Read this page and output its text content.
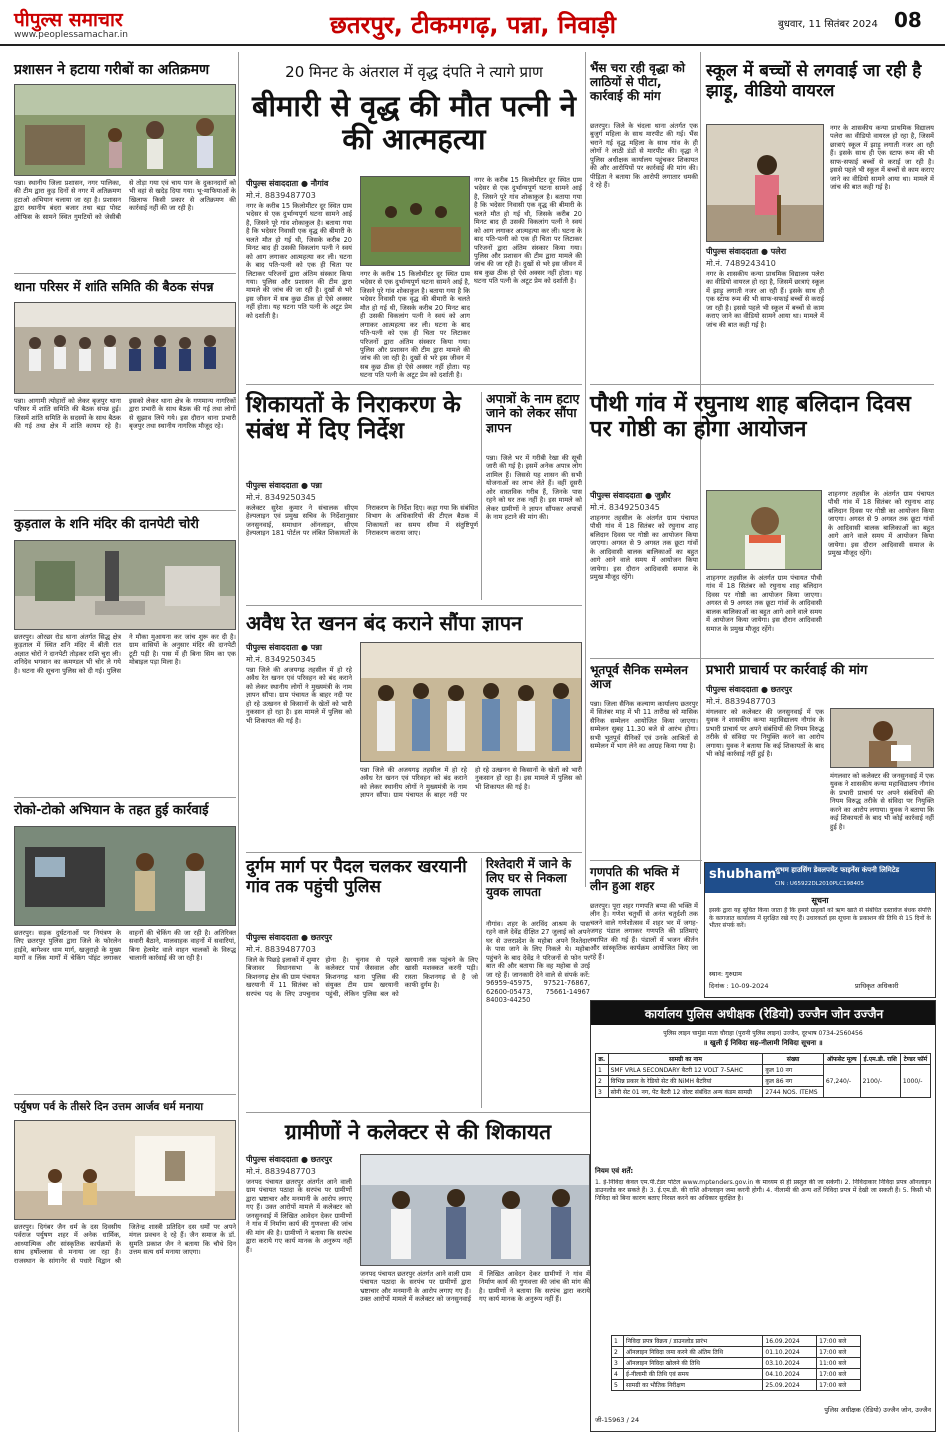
पीपुल्स समाचार
www.peoplessamachar.in	छतरपुर, टीकमगढ़, पन्ना, निवाड़ी	बुधवार, 11 सितंबर 2024 08
प्रशासन ने हटाया गरीबों का अतिक्रमण
पन्ना। स्थानीय जिला प्रशासन, नगर पालिका, की टीम द्वारा कुड़ दिनों से नगर में अतिक्रमण हटाओ अभियान चलाया जा रहा है। प्रशासन द्वारा स्थानीय बंदरा बजार तथा बड़ा पोस्ट ऑफिस के सामने स्थित गुमटियों को जेसीबी से तोड़ा गया एवं चाय पान के दुकानदारों को भी वहां से खदेड़ दिया गया। भू-माफियाओं के खिलाफ किसी प्रकार से अतिक्रमण की कार्रवाई नहीं की जा रही है।
थाना परिसर में शांति समिति की बैठक संपन्न
पन्ना। आगामी त्योहारों को लेकर बृजपुर थाना परिसर में शांति समिति की बैठक संपन्न हुई। जिसमें शांति समिति के सदस्यों के साथ बैठक की गई तथा क्षेत्र में शांति कायम रहे है। इसको लेकर थाना क्षेत्र के गणमान्य नागरिकों द्वारा प्रभारी के साथ बैठक की गई तथा लोगों से सुझाव लिये गये। इस दौरान थाना प्रभारी बृजपुर तथा स्थानीय नागरिक मौजूद रहे।
कुड़ताल के शनि मंदिर की दानपेटी चोरी
छतरपुर। ओरछा रोड थाना अंतर्गत सिद्ध क्षेत्र कुड़ताल में स्थित शनि मंदिर में बीती रात अज्ञात चोरों ने दानपेटी तोड़कर राशि चुरा ली। शनिदेव भगवान का कमण्डल भी चोर ले गये है। घटना की सूचना पुलिस को दी गई। पुलिस ने मौका मुआयना कर जांच शुरू कर दी है। ग्राम वासियों के अनुसार मंदिर की दानपेटी टूटी पड़ी है। पास में ही बिना सिम का एक मोबाइल पड़ा मिला है।
रोको-टोको अभियान के तहत हुई कार्रवाई
छतरपुर। सड़क दुर्घटनाओं पर नियंत्रण के लिए छतरपुर पुलिस द्वारा जिले के फोरलेन हाईवे, बागेश्वर धाम मार्ग, खजुराहो के मुख्य मार्गों व लिंक मार्गों में चेकिंग पॉइंट लगाकर वाहनों की चेकिंग की जा रही है। अतिरिक्त सवारी बैठाने, मालवाहक वाहनों में सवारियां, बिना हेलमेट वाले वाहन चालकों के विरुद्ध चालानी कार्रवाई की जा रही है।
पर्युषण पर्व के तीसरे दिन उत्तम आर्जव धर्म मनाया
छतरपुर। दिगंबर जैन धर्म के दस दिवसीय पर्वराज पर्युषण शहर में अनेक धार्मिक, आध्यात्मिक और सांस्कृतिक कार्यक्रमों के साथ हर्षोल्लास से मनाया जा रहा है। राजस्थान के सांगानेर से पधारे विद्वान श्री जितेन्द्र शास्त्री प्रतिदिन दस धर्मों पर अपने मंगल प्रवचन दे रहे हैं। जैन समाज के डॉ. सुमति प्रकाश जैन ने बताया कि चौथे दिन उत्तम सत्य धर्म मनाया जाएगा।
20 मिनट के अंतराल में वृद्ध दंपति ने त्यागे प्राण
बीमारी से वृद्ध की मौत पत्नी ने की आत्महत्या
पीपुल्स संवाददाता ● नौगांव
मो.नं. 8839487703
नगर के करीब 15 किलोमीटर दूर स्थित ग्राम भदेसर से एक दुर्भाग्यपूर्ण घटना सामने आई है, जिसने पूरे गांव शोकाकुल है। बताया गया है कि भदेसर निवासी एक वृद्ध की बीमारी के चलते मौत हो गई थी, जिसके करीब 20 मिनट बाद ही उसकी विकलांग पत्नी ने स्वयं को आग लगाकर आत्महत्या कर ली। घटना के बाद पति-पत्नी को एक ही चिता पर लिटाकर परिजनों द्वारा अंतिम संस्कार किया गया। पुलिस और प्रशासन की टीम द्वारा मामले की जांच की जा रही है। दुखों से भरे इस जीवन में सब कुछ ठीक हो ऐसे अक्सर नहीं होता। यह घटना पति पत्नी के अटूट प्रेम को दर्शाती है।
नगर के करीब 15 किलोमीटर दूर स्थित ग्राम भदेसर से एक दुर्भाग्यपूर्ण घटना सामने आई है, जिसने पूरे गांव शोकाकुल है। बताया गया है कि भदेसर निवासी एक वृद्ध की बीमारी के चलते मौत हो गई थी, जिसके करीब 20 मिनट बाद ही उसकी विकलांग पत्नी ने स्वयं को आग लगाकर आत्महत्या कर ली। घटना के बाद पति-पत्नी को एक ही चिता पर लिटाकर परिजनों द्वारा अंतिम संस्कार किया गया। पुलिस और प्रशासन की टीम द्वारा मामले की जांच की जा रही है। दुखों से भरे इस जीवन में सब कुछ ठीक हो ऐसे अक्सर नहीं होता। यह घटना पति पत्नी के अटूट प्रेम को दर्शाती है।
नगर के करीब 15 किलोमीटर दूर स्थित ग्राम भदेसर से एक दुर्भाग्यपूर्ण घटना सामने आई है, जिसने पूरे गांव शोकाकुल है। बताया गया है कि भदेसर निवासी एक वृद्ध की बीमारी के चलते मौत हो गई थी, जिसके करीब 20 मिनट बाद ही उसकी विकलांग पत्नी ने स्वयं को आग लगाकर आत्महत्या कर ली। घटना के बाद पति-पत्नी को एक ही चिता पर लिटाकर परिजनों द्वारा अंतिम संस्कार किया गया। पुलिस और प्रशासन की टीम द्वारा मामले की जांच की जा रही है। दुखों से भरे इस जीवन में सब कुछ ठीक हो ऐसे अक्सर नहीं होता। यह घटना पति पत्नी के अटूट प्रेम को दर्शाती है।
शिकायतों के निराकरण के संबंध में दिए निर्देश
पीपुल्स संवाददाता ● पन्ना
मो.नं. 8349250345
कलेक्टर सुरेश कुमार ने संचालक सीएम हेल्पलाइन एवं प्रमुख सचिव के निर्देशानुसार जनसुनवाई, समाधान ऑनलाइन, सीएम हेल्पलाइन 181 पोर्टल पर लंबित शिकायतों के निराकरण के निर्देश दिए। कहा गया कि संबंधित विभाग के अधिकारियों की टीएल बैठक में शिकायतों का समय सीमा में संतुष्टिपूर्ण निराकरण कराया जाए।
अपात्रों के नाम हटाए जाने को लेकर सौंपा ज्ञापन
पन्ना। जिले भर में गरीबी रेखा की सूची जारी की गई है। इसमें अनेक अपात्र लोग शामिल हैं। जिससे यह शासन की सभी योजनाओं का लाभ लेते हैं। वहीं दूसरी ओर वास्तविक गरीब हैं, जिनके पास रहने को घर तक नहीं है। इस मामले को लेकर ग्रामीणों ने ज्ञापन सौंपकर अपात्रों के नाम हटाने की मांग की।
अवैध रेत खनन बंद कराने सौंपा ज्ञापन
पीपुल्स संवाददाता ● पन्ना
मो.नं. 8349250345
पन्ना जिले की अजयगढ़ तहसील में हो रहे अवैध रेत खनन एवं परिवहन को बंद कराने को लेकर स्थानीय लोगों ने मुख्यमंत्री के नाम ज्ञापन सौंपा। ग्राम पंचायत के बाहर नदी पर हो रहे उत्खनन से किसानों के खेतों को भारी नुकसान हो रहा है। इस मामले में पुलिस को भी शिकायत की गई है।
पन्ना जिले की अजयगढ़ तहसील में हो रहे अवैध रेत खनन एवं परिवहन को बंद कराने को लेकर स्थानीय लोगों ने मुख्यमंत्री के नाम ज्ञापन सौंपा। ग्राम पंचायत के बाहर नदी पर हो रहे उत्खनन से किसानों के खेतों को भारी नुकसान हो रहा है। इस मामले में पुलिस को भी शिकायत की गई है।
दुर्गम मार्ग पर पैदल चलकर खरयानी गांव तक पहुंची पुलिस
पीपुल्स संवाददाता ● छतरपुर
मो.नं. 8839487703
जिले के पिछड़े इलाकों में शुमार बिजावर विधानसभा के किशनगढ़ क्षेत्र की ग्राम पंचायत खरयानी में 11 सितंबर को सरपंच पद के लिए उपचुनाव होना है। चुनाव से पहले कलेक्टर पार्थ जैसवाल और किशनगढ़ थाना पुलिस की संयुक्त टीम ग्राम खरयानी पहुंची, लेकिन पुलिस बल को खरयानी तक पहुंचने के लिए खासी मशक्कत करनी पड़ी। रास्ता किशनगढ़ से है जो काफी दुर्गम है।
रिश्तेदारी में जाने के लिए घर से निकला युवक लापता
नौगांव। शहर के अरविंद आश्रम के पास रहने वाले देवेंद्र दीक्षित 27 जुलाई को अपने घर से उत्तरप्रदेश के महोबा अपने रिश्तेदार के पास जाने के लिए निकले थे। महोबा पहुंचने के बाद देवेंद्र ने परिजनों से फोन पर बात की और बताया कि वह महोबा से उरई जा रहे हैं। जानकारी देने वाले से संपर्क करें: 96959-45975, 97521-76867, 62600-05473, 75661-14967 84003-44250
ग्रामीणों ने कलेक्टर से की शिकायत
पीपुल्स संवाददाता ● छतरपुर
मो.नं. 8839487703
जनपद पंचायत छतरपुर अंतर्गत आने वाली ग्राम पंचायत पठादा के सरपंच पर ग्रामीणों द्वारा भ्रष्टाचार और मनमानी के आरोप लगाए गए हैं। उक्त आरोपों मामले में कलेक्टर को जनसुनवाई में लिखित आवेदन देकर ग्रामीणों ने गांव में निर्माण कार्य की गुणवत्ता की जांच की मांग की है। ग्रामीणों ने बताया कि सरपंच द्वारा कराये गए कार्य मानक के अनुरूप नहीं हैं।
जनपद पंचायत छतरपुर अंतर्गत आने वाली ग्राम पंचायत पठादा के सरपंच पर ग्रामीणों द्वारा भ्रष्टाचार और मनमानी के आरोप लगाए गए हैं। उक्त आरोपों मामले में कलेक्टर को जनसुनवाई में लिखित आवेदन देकर ग्रामीणों ने गांव में निर्माण कार्य की गुणवत्ता की जांच की मांग की है। ग्रामीणों ने बताया कि सरपंच द्वारा कराये गए कार्य मानक के अनुरूप नहीं हैं।
भैंस चरा रही वृद्धा को लाठियों से पीटा, कार्रवाई की मांग
छतरपुर। जिले के चंदला थाना अंतर्गत एक बुजुर्ग महिला के साथ मारपीट की गई। भैंस चराने गई वृद्ध महिला के साथ गांव के ही लोगों ने लाठी डंडों से मारपीट की। वृद्धा ने पुलिस अधीक्षक कार्यालय पहुंचकर शिकायत की और आरोपियों पर कार्रवाई की मांग की। पीड़िता ने बताया कि आरोपी लगातार धमकी दे रहे हैं।
स्कूल में बच्चों से लगवाई जा रही है झाड़ू, वीडियो वायरल
पीपुल्स संवाददाता ● पलेरा
मो.नं. 7489243410
नगर के शासकीय कन्या प्राथमिक विद्यालय पलेरा का वीडियो वायरल हो रहा है, जिसमें छात्राएं स्कूल में झाड़ू लगाती नजर आ रही हैं। इसके साथ ही एक स्टाफ रूम की भी साफ-सफाई बच्चों से कराई जा रही है। इससे पहले भी स्कूल में बच्चों से काम कराए जाने का वीडियो सामने आया था। मामले में जांच की बात कही गई है।
नगर के शासकीय कन्या प्राथमिक विद्यालय पलेरा का वीडियो वायरल हो रहा है, जिसमें छात्राएं स्कूल में झाड़ू लगाती नजर आ रही हैं। इसके साथ ही एक स्टाफ रूम की भी साफ-सफाई बच्चों से कराई जा रही है। इससे पहले भी स्कूल में बच्चों से काम कराए जाने का वीडियो सामने आया था। मामले में जांच की बात कही गई है।
पौथी गांव में रघुनाथ शाह बलिदान दिवस पर गोष्ठी का होगा आयोजन
पीपुल्स संवाददाता ● जुन्नौर
मो.नं. 8349250345
शाहनगर तहसील के अंतर्गत ग्राम पंचायत पौथी गांव में 18 सितंबर को रघुनाथ शाह बलिदान दिवस पर गोष्ठी का आयोजन किया जाएगा। अगस्त से 9 अगस्त तक छूटा गांवों के आदिवासी बालक बालिकाओं का बहुत आगे आने वाले समय में आयोजन किया जायेगा। इस दौरान आदिवासी समाज के प्रमुख मौजूद रहेंगे।	शाहनगर तहसील के अंतर्गत ग्राम पंचायत पौथी गांव में 18 सितंबर को रघुनाथ शाह बलिदान दिवस पर गोष्ठी का आयोजन किया जाएगा। अगस्त से 9 अगस्त तक छूटा गांवों के आदिवासी बालक बालिकाओं का बहुत आगे आने वाले समय में आयोजन किया जायेगा। इस दौरान आदिवासी समाज के प्रमुख मौजूद रहेंगे।
शाहनगर तहसील के अंतर्गत ग्राम पंचायत पौथी गांव में 18 सितंबर को रघुनाथ शाह बलिदान दिवस पर गोष्ठी का आयोजन किया जाएगा। अगस्त से 9 अगस्त तक छूटा गांवों के आदिवासी बालक बालिकाओं का बहुत आगे आने वाले समय में आयोजन किया जायेगा। इस दौरान आदिवासी समाज के प्रमुख मौजूद रहेंगे।
भूतपूर्व सैनिक सम्मेलन आज
पन्ना। जिला सैनिक कल्याण कार्यालय छतरपुर में सितंबर माह में भी 11 तारीख को मासिक सैनिक सम्मेलन आयोजित किया जाएगा। सम्मेलन सुबह 11.30 बजे से आरंभ होगा। सभी भूतपूर्व सैनिकों एवं उनके आश्रितों से सम्मेलन में भाग लेने का आग्रह किया गया है।
प्रभारी प्राचार्य पर कार्रवाई की मांग
पीपुल्स संवाददाता ● छतरपुर
मो.नं. 8839487703
मंगलवार को कलेक्टर की जनसुनवाई में एक युवक ने शासकीय कन्या महाविद्यालय नौगांव के प्रभारी प्राचार्य पर अपने संबंधियों की नियम विरुद्ध तरीके से संविदा पर नियुक्ति करने का आरोप लगाया। युवक ने बताया कि कई शिकायतों के बाद भी कोई कार्रवाई नहीं हुई है।
मंगलवार को कलेक्टर की जनसुनवाई में एक युवक ने शासकीय कन्या महाविद्यालय नौगांव के प्रभारी प्राचार्य पर अपने संबंधियों की नियम विरुद्ध तरीके से संविदा पर नियुक्ति करने का आरोप लगाया। युवक ने बताया कि कई शिकायतों के बाद भी कोई कार्रवाई नहीं हुई है।
गणपति की भक्ति में लीन हुआ शहर
छतरपुर। पूरा शहर गणपति बप्पा की भक्ति में लीन है। गणेश चतुर्थी से अनंत चतुर्दशी तक चलने वाले गणेशोत्सव में शहर भर में जगह-जगह पंडाल लगाकर गणपति की प्रतिमाएं स्थापित की गई हैं। पंडालों में भजन कीर्तन और सांस्कृतिक कार्यक्रम आयोजित किए जा रहे हैं।
shubham
शुभम हाउसिंग डेवलपमेंट फाइनेंस कंपनी लिमिटेड
CIN : U65922DL2010PLC198405
सूचना
इसके द्वारा यह सूचित किया जाता है कि हमारे ग्राहकों को ऋण खाते से संबंधित दस्तावेज बंधक संपत्ति के कागजात कार्यालय में सुरक्षित रखे गए हैं। उधारकर्ता इस सूचना के प्रकाशन की तिथि से 15 दिनों के भीतर संपर्क करें।
स्थान: गुरुग्राम
दिनांक : 10-09-2024	प्राधिकृत अधिकारी
कार्यालय पुलिस अधीक्षक (रेडियो) उज्जैन जोन उज्जैन
पुलिस लाइन चामुंडा माता चौराहा (पुरानी पुलिस लाइन) उज्जैन, दूरभाष 0734-2560456
॥ खुली ई निविदा सह-नीलामी निविदा सूचना ॥
क्र.	सामग्री का नाम	संख्या	ऑफसेट मूल्य	ई.एम.डी. राशि	टेण्डर फॉर्म
1	SMF VRLA SECONDARY बैटरी 12 VOLT 7-5AHC	कुल 10 नग	67,240/-	2100/-	1000/-
2	विभिन्न प्रकार के रेडियो सेट की NiMH बैटरियां	कुल 86 नग			
3	सोनी सेट 01 नग, पेंट बैटरी 12 वोल्ट संबंधित अन्य कंडम सामग्री	2744 NOS. ITEMS			
नियम एवं शर्तें:
1. ई-निविदा केवल एम.पी.टेंडर पोर्टल www.mptenders.gov.in के माध्यम से ही प्रस्तुत की जा सकेगी। 2. निविदाकार निविदा प्रपत्र ऑनलाइन डाउनलोड कर सकते हैं। 3. ई.एम.डी. की राशि ऑनलाइन जमा करनी होगी। 4. नीलामी की अन्य शर्तें निविदा प्रपत्र में देखी जा सकती हैं। 5. किसी भी निविदा को बिना कारण बताए निरस्त करने का अधिकार सुरक्षित है।
1	निविदा प्रपत्र विक्रय / डाउनलोड प्रारंभ	16.09.2024	17:00 बजे
2	ऑनलाइन निविदा जमा करने की अंतिम तिथि	01.10.2024	17:00 बजे
3	ऑनलाइन निविदा खोलने की तिथि	03.10.2024	11:00 बजे
4	ई-नीलामी की तिथि एवं समय	04.10.2024	17:00 बजे
5	सामग्री का भौतिक निरीक्षण	25.09.2024	17:00 बजे
जी-15963 / 24
पुलिस अधीक्षक (रेडियो) उज्जैन जोन, उज्जैन
